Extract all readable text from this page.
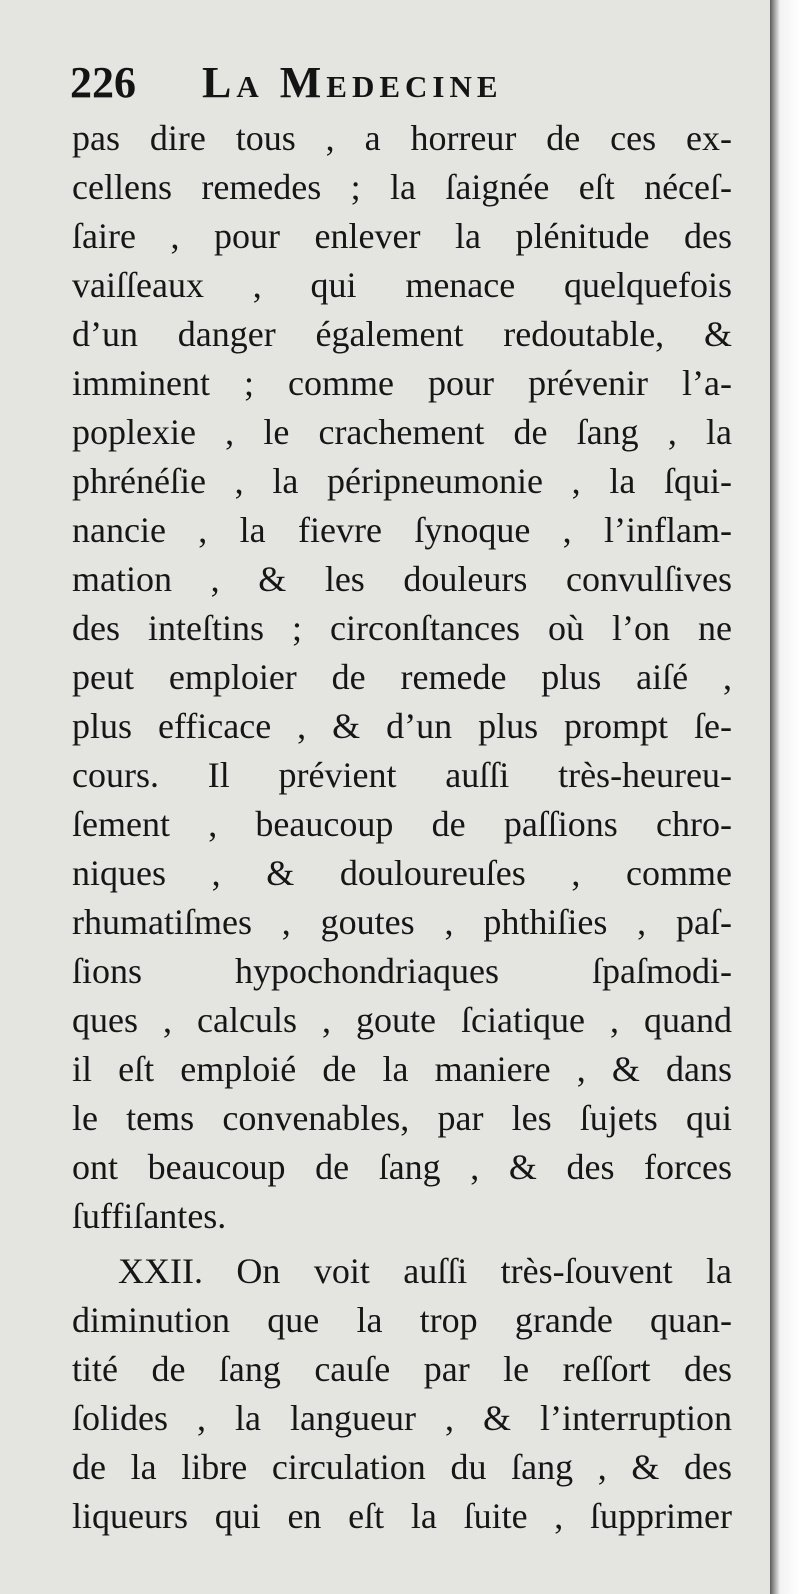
226 La Medecine
pas dire tous , a horreur de ces ex-
cellens remedes ; la ſaignée eſt néceſ-
ſaire , pour enlever la plénitude des
vaiſſeaux , qui menace quelquefois
d’un danger également redoutable, &
imminent ; comme pour prévenir l’a-
poplexie , le crachement de ſang , la
phrénéſie , la péripneumonie , la ſqui-
nancie , la fievre ſynoque , l’inflam-
mation , & les douleurs convulſives
des inteſtins ; circonſtances où l’on ne
peut emploier de remede plus aiſé ,
plus efficace , & d’un plus prompt ſe-
cours. Il prévient auſſi très-heureu-
ſement , beaucoup de paſſions chro-
niques , & douloureuſes , comme
rhumatiſmes , goutes , phthiſies , paſ-
ſions hypochondriaques ſpaſmodi-
ques , calculs , goute ſciatique , quand
il eſt emploié de la maniere , & dans
le tems convenables, par les ſujets qui
ont beaucoup de ſang , & des forces
ſuffiſantes.
XXII. On voit auſſi très-ſouvent la
diminution que la trop grande quan-
tité de ſang cauſe par le reſſort des
ſolides , la langueur , & l’interruption
de la libre circulation du ſang , & des
liqueurs qui en eſt la ſuite , ſupprimer
